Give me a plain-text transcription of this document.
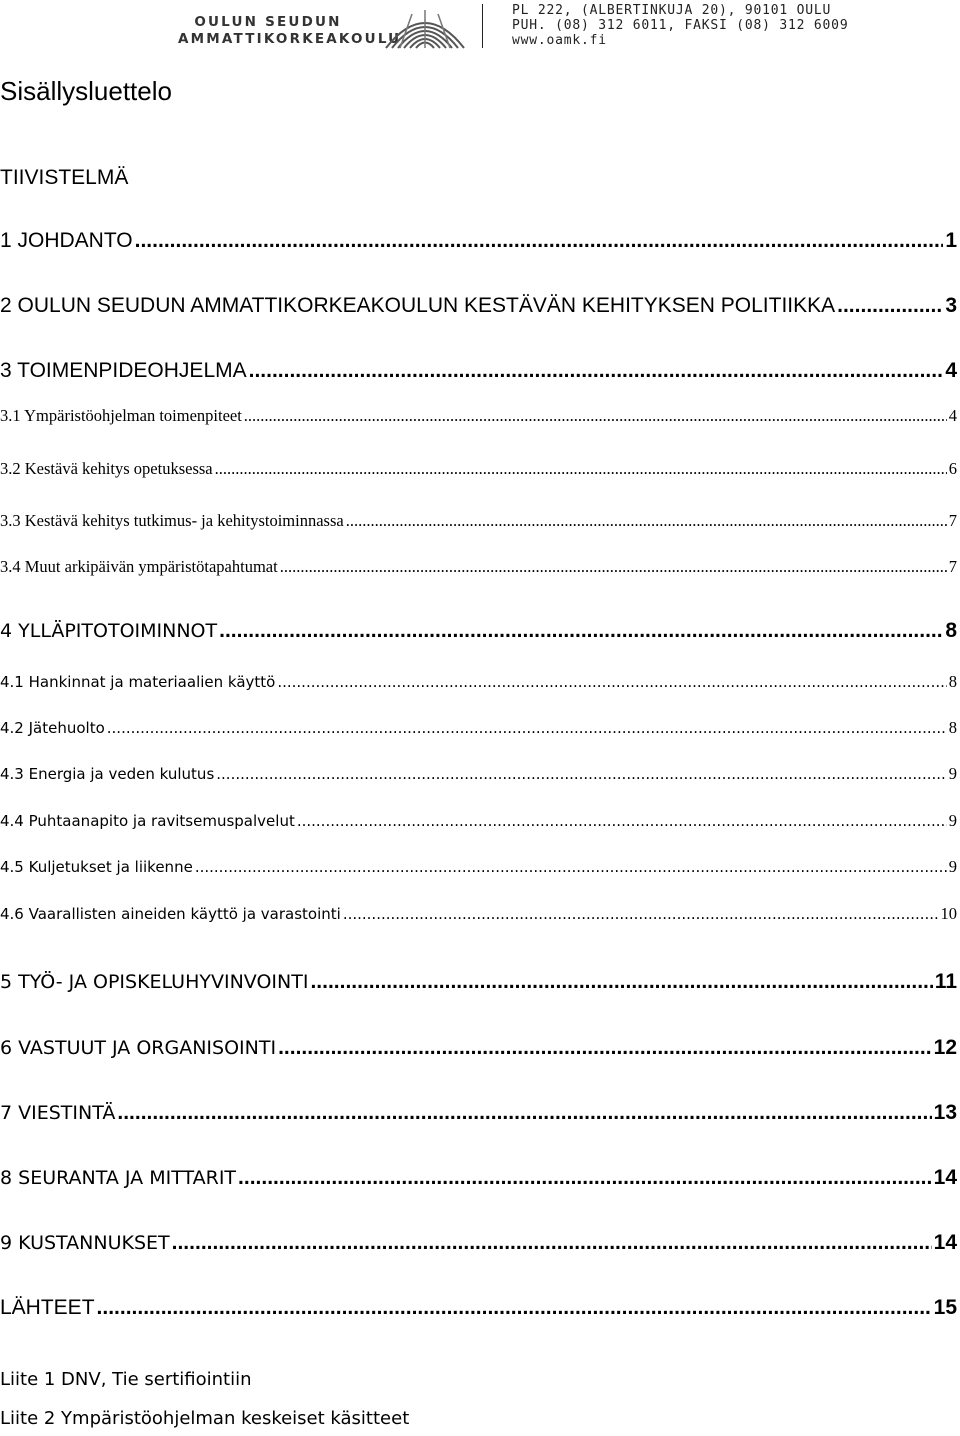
OULUN SEUDUN
AMMATTIKORKEAKOULU
PL 222, (ALBERTINKUJA 20), 90101 OULU
PUH. (08) 312 6011, FAKSI (08) 312 6009
www.oamk.fi
Sisällysluettelo
TIIVISTELMÄ
1 JOHDANTO .....	1
2 OULUN SEUDUN AMMATTIKORKEAKOULUN KESTÄVÄN KEHITYKSEN POLITIIKKA .....	3
3 TOIMENPIDEOHJELMA .....	4
3.1 Ympäristöohjelman toimenpiteet .....	4
3.2 Kestävä kehitys opetuksessa .....	6
3.3 Kestävä kehitys tutkimus- ja kehitystoiminnassa .....	7
3.4 Muut arkipäivän ympäristötapahtumat .....	7
4 YLLÄPITOTOIMINNOT .....	8
4.1 Hankinnat ja materiaalien käyttö .....	8
4.2 Jätehuolto .....	8
4.3 Energia ja veden kulutus .....	9
4.4 Puhtaanapito ja ravitsemuspalvelut .....	9
4.5 Kuljetukset ja liikenne .....	9
4.6 Vaarallisten aineiden käyttö ja varastointi .....	10
5 TYÖ- JA OPISKELUHYVINVOINTI .....	11
6 VASTUUT JA ORGANISOINTI .....	12
7 VIESTINTÄ .....	13
8 SEURANTA JA MITTARIT .....	14
9 KUSTANNUKSET .....	14
LÄHTEET .....	15
Liite 1 DNV, Tie sertifiointiin
Liite 2 Ympäristöohjelman keskeiset käsitteet
